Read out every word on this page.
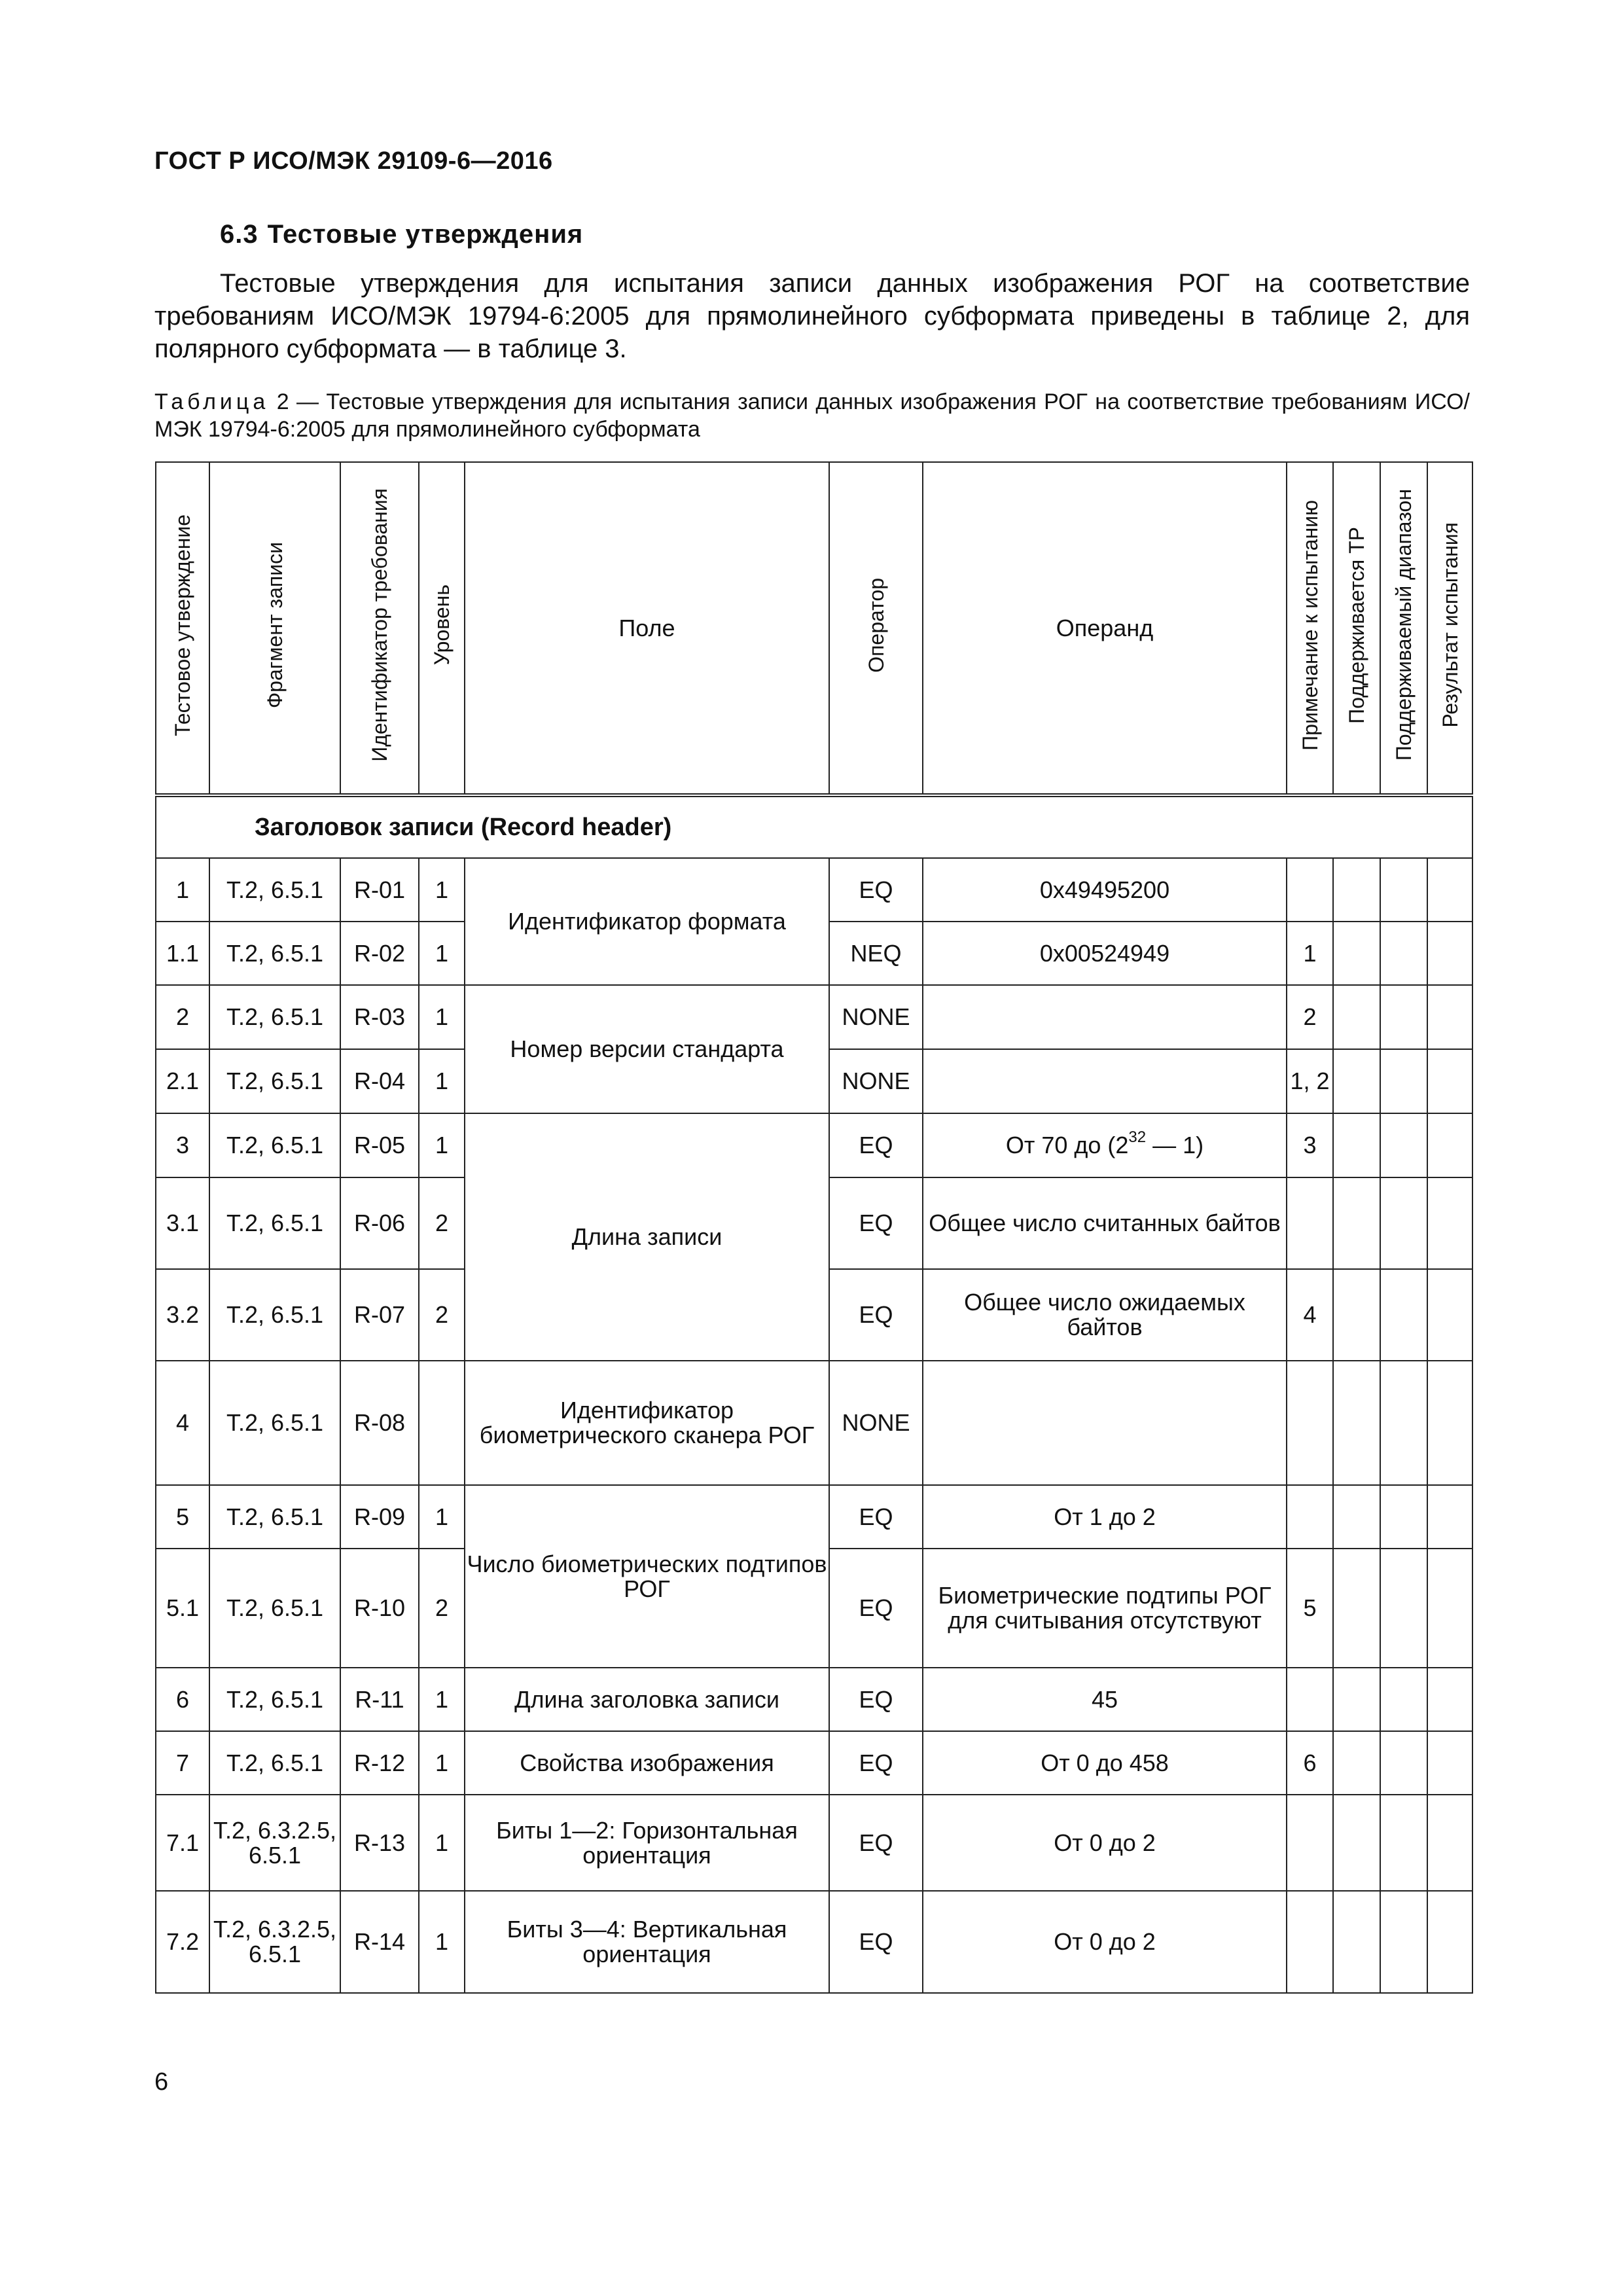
ГОСТ Р ИСО/МЭК 29109-6—2016
6.3 Тестовые утверждения
Тестовые утверждения для испытания записи данных изображения РОГ на соответствие требованиям ИСО/МЭК 19794-6:2005 для прямолинейного субформата приведены в таблице 2, для полярного субформата — в таблице 3.
Таблица 2 — Тестовые утверждения для испытания записи данных изображения РОГ на соответствие требованиям ИСО/МЭК 19794-6:2005 для прямолинейного субформата
Тестовое утверждение	Фрагмент записи	Идентификатор требования	Уровень	Поле	Оператор	Операнд	Примечание к испытанию	Поддерживается ТР	Поддерживаемый диапазон	Результат испытания
Заголовок записи (Record header)										
1	Т.2, 6.5.1	R-01	1	Идентификатор формата	EQ	0x49495200				
1.1	Т.2, 6.5.1	R-02	1		NEQ	0x00524949	1			
2	Т.2, 6.5.1	R-03	1	Номер версии стандарта	NONE		2			
2.1	Т.2, 6.5.1	R-04	1		NONE		1, 2			
3	Т.2, 6.5.1	R-05	1	Длина записи	EQ	От 70 до ($2^{32}$ — 1)	3			
3.1	Т.2, 6.5.1	R-06	2		EQ	Общее число считанных байтов				
3.2	Т.2, 6.5.1	R-07	2		EQ	Общее число ожидаемых байтов	4			
4	Т.2, 6.5.1	R-08		Идентификатор биометрического сканера РОГ	NONE					
5	Т.2, 6.5.1	R-09	1	Число биометрических подтипов РОГ	EQ	От 1 до 2				
5.1	Т.2, 6.5.1	R-10	2		EQ	Биометрические подтипы РОГ для считывания отсутствуют	5			
6	Т.2, 6.5.1	R-11	1	Длина заголовка записи	EQ	45				
7	Т.2, 6.5.1	R-12	1	Свойства изображения	EQ	От 0 до 458	6			
7.1	Т.2, 6.3.2.5, 6.5.1	R-13	1	Биты 1—2: Горизонтальная ориентация	EQ	От 0 до 2				
7.2	Т.2, 6.3.2.5, 6.5.1	R-14	1	Биты 3—4: Вертикальная ориентация	EQ	От 0 до 2				
6
